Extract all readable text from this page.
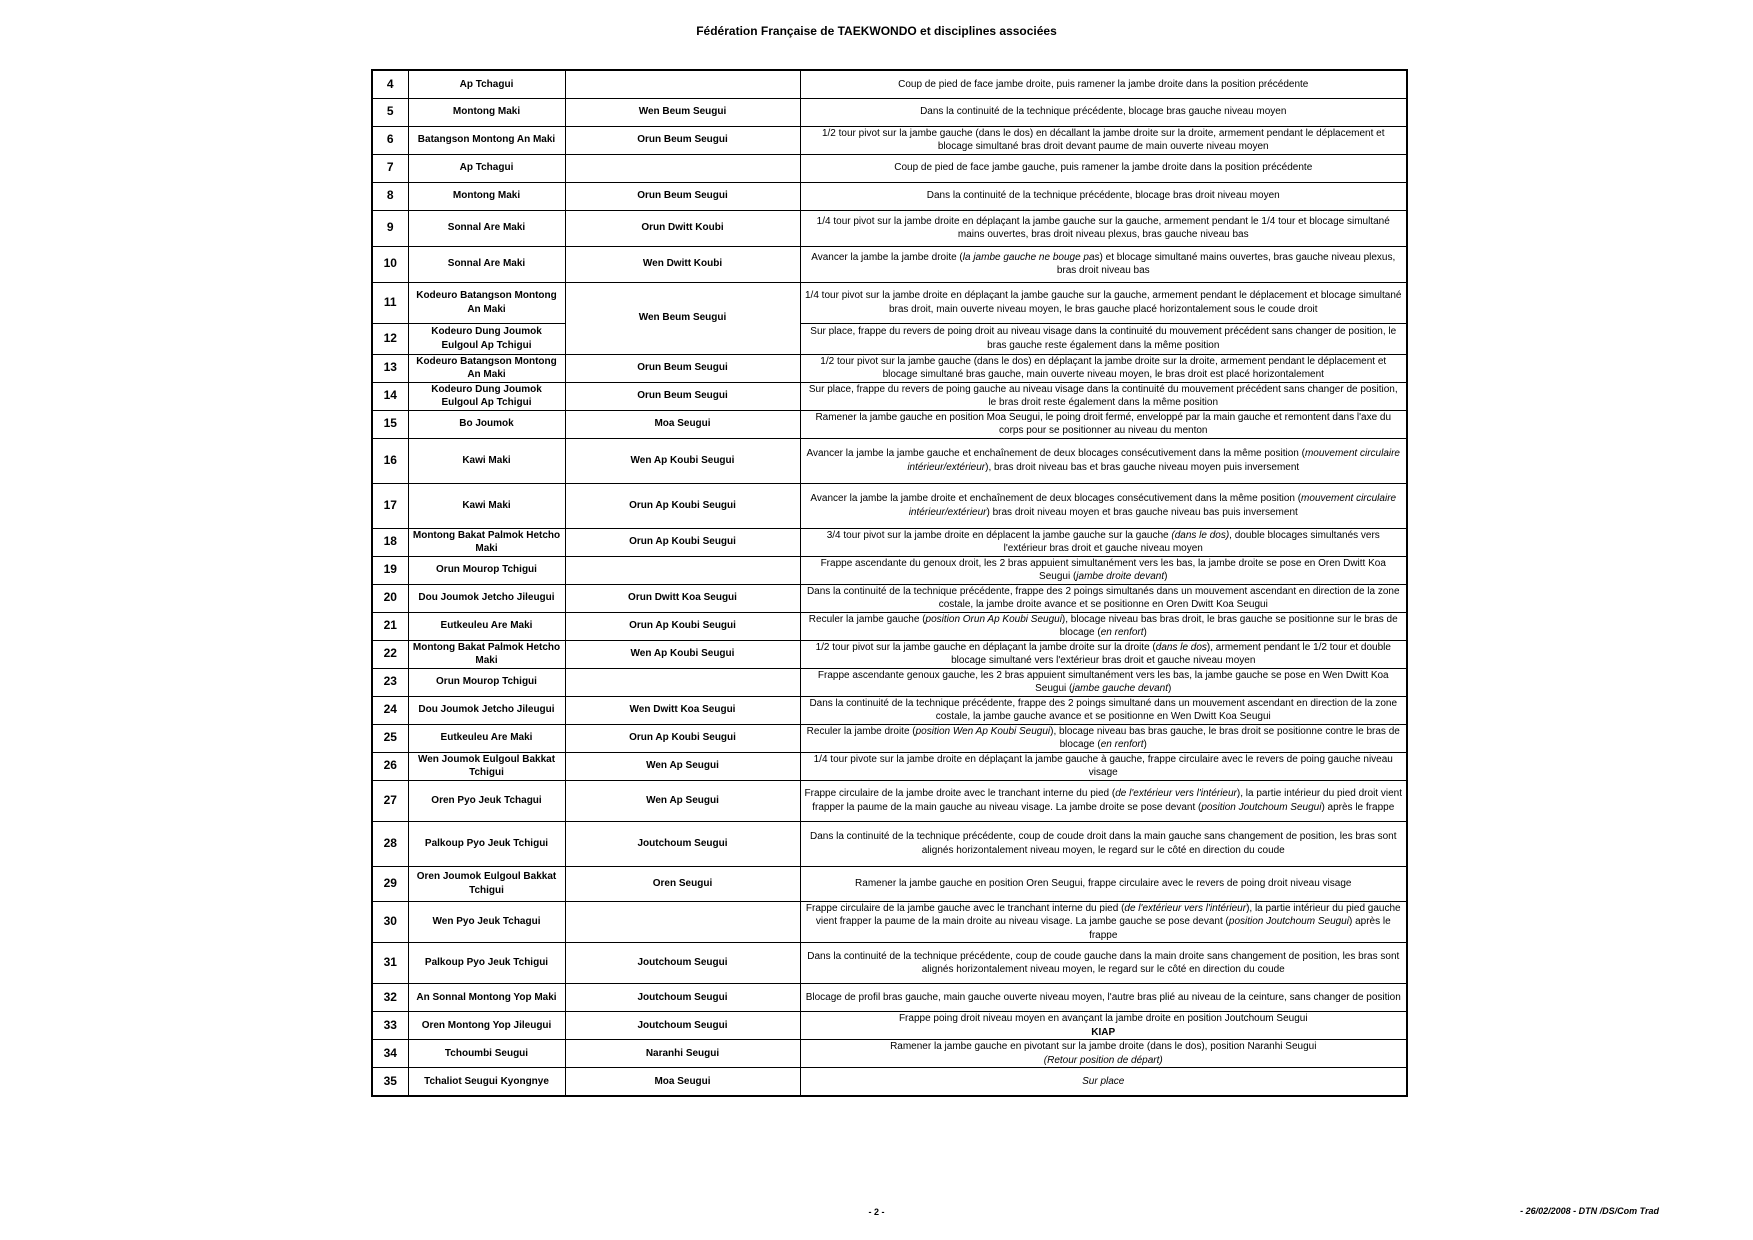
Fédération Française de TAEKWONDO et disciplines associées
4	Ap Tchagui		Coup de pied de face jambe droite, puis ramener la jambe droite dans la position précédente
5	Montong Maki	Wen Beum Seugui	Dans la continuité de la technique précédente, blocage bras gauche niveau moyen
6	Batangson Montong An Maki	Orun Beum Seugui	1/2 tour pivot sur la jambe gauche (dans le dos) en décallant la jambe droite sur la droite, armement pendant le déplacement et blocage simultané bras droit devant paume de main ouverte niveau moyen
7	Ap Tchagui		Coup de pied de face jambe gauche, puis ramener la jambe droite dans la position précédente
8	Montong Maki	Orun Beum Seugui	Dans la continuité de la technique précédente, blocage bras droit niveau moyen
9	Sonnal Are Maki	Orun Dwitt Koubi	1/4 tour pivot sur la jambe droite en déplaçant la jambe gauche sur la gauche, armement pendant le 1/4 tour et blocage simultané mains ouvertes, bras droit niveau plexus, bras gauche niveau bas
10	Sonnal Are Maki	Wen Dwitt Koubi	Avancer la jambe la jambe droite (la jambe gauche ne bouge pas) et blocage simultané mains ouvertes, bras gauche niveau plexus, bras droit niveau bas
11	Kodeuro Batangson Montong An Maki	Wen Beum Seugui	1/4 tour pivot sur la jambe droite en déplaçant la jambe gauche sur la gauche, armement pendant le déplacement et blocage simultané bras droit, main ouverte niveau moyen, le bras gauche placé horizontalement sous le coude droit
12	Kodeuro Dung Joumok Eulgoul Ap Tchigui		Sur place, frappe du revers de poing droit au niveau visage dans la continuité du mouvement précédent sans changer de position, le bras gauche reste également dans la même position
13	Kodeuro Batangson Montong An Maki	Orun Beum Seugui	1/2 tour pivot sur la jambe gauche (dans le dos) en déplaçant la jambe droite sur la droite, armement pendant le déplacement et blocage simultané bras gauche, main ouverte niveau moyen, le bras droit est placé horizontalement
14	Kodeuro Dung Joumok Eulgoul Ap Tchigui	Orun Beum Seugui	Sur place, frappe du revers de poing gauche au niveau visage dans la continuité du mouvement précédent sans changer de position, le bras droit reste également dans la même position
15	Bo Joumok	Moa Seugui	Ramener la jambe gauche en position Moa Seugui, le poing droit fermé, enveloppé par la main gauche et remontent dans l'axe du corps pour se positionner au niveau du menton
16	Kawi Maki	Wen Ap Koubi Seugui	Avancer la jambe la jambe gauche et enchaînement de deux blocages consécutivement dans la même position (mouvement circulaire intérieur/extérieur), bras droit niveau bas et bras gauche niveau moyen puis inversement
17	Kawi Maki	Orun Ap Koubi Seugui	Avancer la jambe la jambe droite et enchaînement de deux blocages consécutivement dans la même position (mouvement circulaire intérieur/extérieur) bras droit niveau moyen et bras gauche niveau bas puis inversement
18	Montong Bakat Palmok Hetcho Maki	Orun Ap Koubi Seugui	3/4 tour pivot sur la jambe droite en déplacent la jambe gauche sur la gauche (dans le dos), double blocages simultanés vers l'extérieur bras droit et gauche niveau moyen
19	Orun Mourop Tchigui		Frappe ascendante du genoux droit, les 2 bras appuient simultanément vers les bas, la jambe droite se pose en Oren Dwitt Koa Seugui (jambe droite devant)
20	Dou Joumok Jetcho Jileugui	Orun Dwitt Koa Seugui	Dans la continuité de la technique précédente, frappe des 2 poings simultanés dans un mouvement ascendant en direction de la zone costale, la jambe droite avance et se positionne en Oren Dwitt Koa Seugui
21	Eutkeuleu Are Maki	Orun Ap Koubi Seugui	Reculer la jambe gauche (position Orun Ap Koubi Seugui), blocage niveau bas bras droit, le bras gauche se positionne sur le bras de blocage (en renfort)
22	Montong Bakat Palmok Hetcho Maki	Wen Ap Koubi Seugui	1/2 tour pivot sur la jambe gauche en déplaçant la jambe droite sur la droite (dans le dos), armement pendant le 1/2 tour et double blocage simultané vers l'extérieur bras droit et gauche niveau moyen
23	Orun Mourop Tchigui		Frappe ascendante genoux gauche, les 2 bras appuient simultanément vers les bas, la jambe gauche se pose en Wen Dwitt Koa Seugui (jambe gauche devant)
24	Dou Joumok Jetcho Jileugui	Wen Dwitt Koa Seugui	Dans la continuité de la technique précédente, frappe des 2 poings simultané dans un mouvement ascendant en direction de la zone costale, la jambe gauche avance et se positionne en Wen Dwitt Koa Seugui
25	Eutkeuleu Are Maki	Orun Ap Koubi Seugui	Reculer la jambe droite (position Wen Ap Koubi Seugui), blocage niveau bas bras gauche, le bras droit se positionne contre le bras de blocage (en renfort)
26	Wen Joumok Eulgoul Bakkat Tchigui	Wen Ap Seugui	1/4 tour pivote sur la jambe droite en déplaçant la jambe gauche à gauche, frappe circulaire avec le revers de poing gauche niveau visage
27	Oren Pyo Jeuk Tchagui	Wen Ap Seugui	Frappe circulaire de la jambe droite avec le tranchant interne du pied (de l'extérieur vers l'intérieur), la partie intérieur du pied droit vient frapper la paume de la main gauche au niveau visage. La jambe droite se pose devant (position Joutchoum Seugui) après le frappe
28	Palkoup Pyo Jeuk Tchigui	Joutchoum Seugui	Dans la continuité de la technique précédente, coup de coude droit dans la main gauche sans changement de position, les bras sont alignés horizontalement niveau moyen, le regard sur le côté en direction du coude
29	Oren Joumok Eulgoul Bakkat Tchigui	Oren Seugui	Ramener la jambe gauche en position Oren Seugui, frappe circulaire avec le revers de poing droit niveau visage
30	Wen Pyo Jeuk Tchagui		Frappe circulaire de la jambe gauche avec le tranchant interne du pied (de l'extérieur vers l'intérieur), la partie intérieur du pied gauche vient frapper la paume de la main droite au niveau visage. La jambe gauche se pose devant (position Joutchoum Seugui) après le frappe
31	Palkoup Pyo Jeuk Tchigui	Joutchoum Seugui	Dans la continuité de la technique précédente, coup de coude gauche dans la main droite sans changement de position, les bras sont alignés horizontalement niveau moyen, le regard sur le côté en direction du coude
32	An Sonnal Montong Yop Maki	Joutchoum Seugui	Blocage de profil bras gauche, main gauche ouverte niveau moyen, l'autre bras plié au niveau de la ceinture, sans changer de position
33	Oren Montong Yop Jileugui	Joutchoum Seugui	Frappe poing droit niveau moyen en avançant la jambe droite en position Joutchoum Seugui
KIAP
34	Tchoumbi Seugui	Naranhi Seugui	Ramener la jambe gauche en pivotant sur la jambe droite (dans le dos), position Naranhi Seugui
(Retour position de départ)
35	Tchaliot Seugui Kyongnye	Moa Seugui	Sur place
- 2 -	- 26/02/2008 - DTN /DS/Com Trad
